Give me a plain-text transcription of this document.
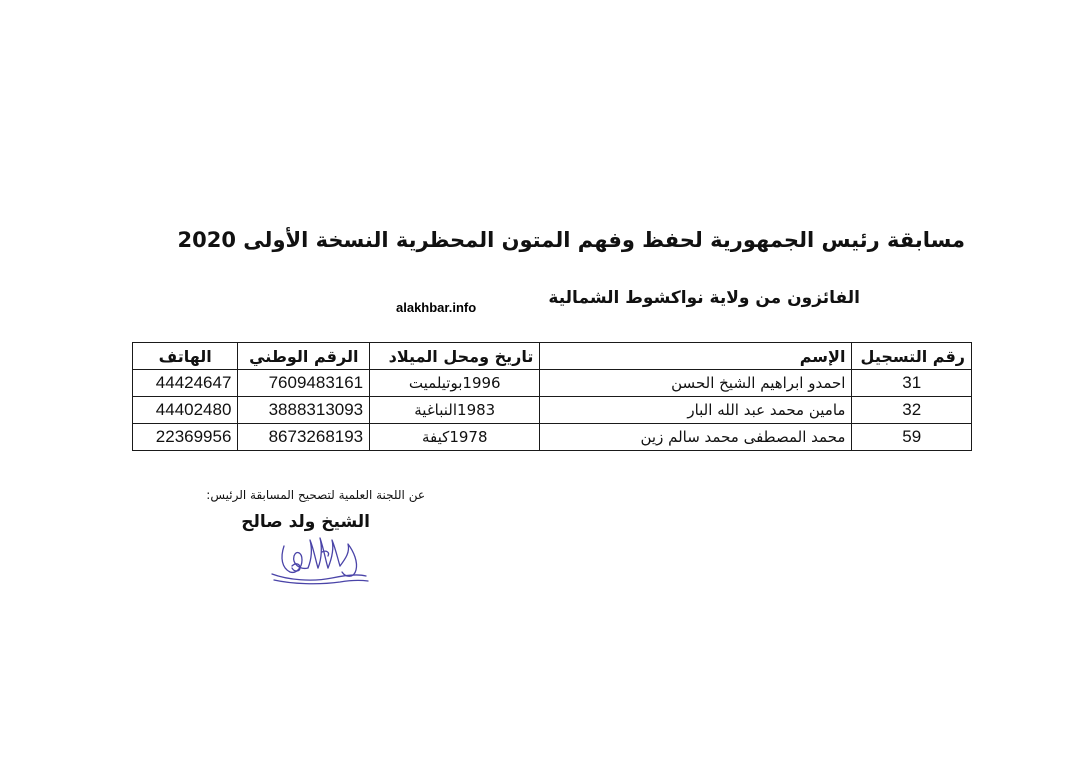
مسابقة رئيس الجمهورية لحفظ وفهم المتون المحظرية النسخة الأولى 2020
الفائزون من ولاية نواكشوط الشمالية
alakhbar.info
رقم التسجيل	الإسم	تاريخ ومحل الميلاد	الرقم الوطني	الهاتف
31	احمدو ابراهيم الشيخ الحسن	1996بوتيلميت	7609483161	44424647
32	مامين محمد عبد الله البار	1983النباغية	3888313093	44402480
59	محمد المصطفى محمد سالم زين	1978كيفة	8673268193	22369956
عن اللجنة العلمية لتصحيح المسابقة الرئيس:
الشيخ ولد صالح
